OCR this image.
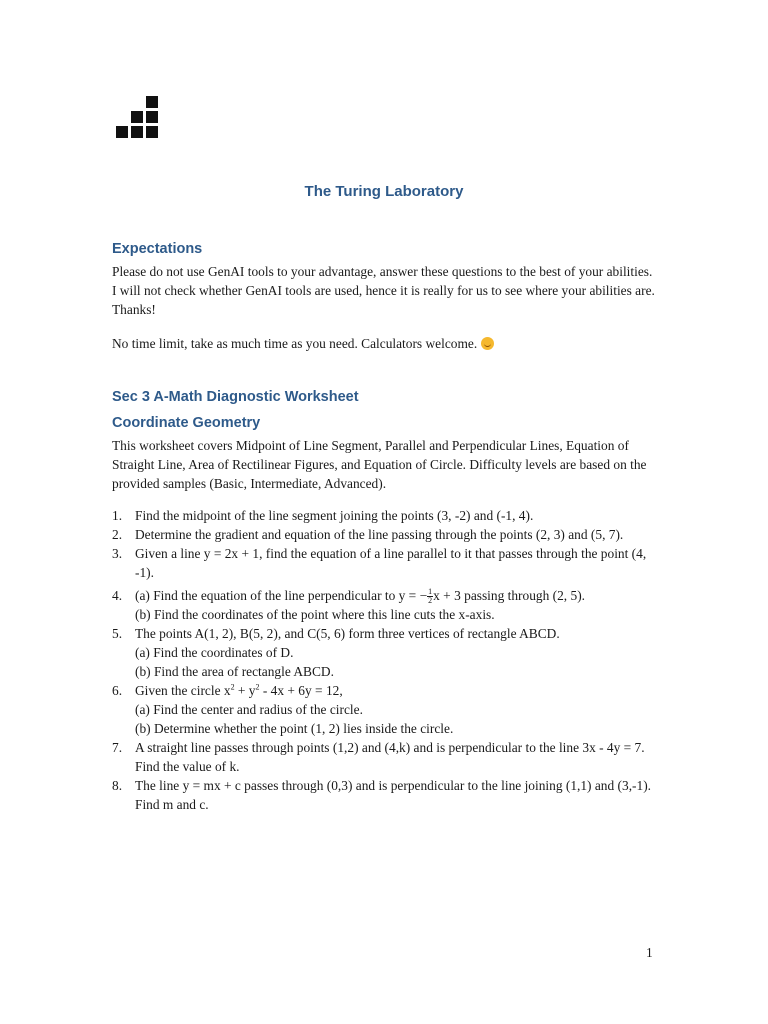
The Turing Laboratory
Expectations

Please do not use GenAI tools to your advantage, answer these questions to the best of your abilities. I will not check whether GenAI tools are used, hence it is really for us to see where your abilities are. Thanks!

No time limit, take as much time as you need. Calculators welcome.
Sec 3 A-Math Diagnostic Worksheet
Coordinate Geometry

This worksheet covers Midpoint of Line Segment, Parallel and Perpendicular Lines, Equation of Straight Line, Area of Rectilinear Figures, and Equation of Circle. Difficulty levels are based on the provided samples (Basic, Intermediate, Advanced).

1. Find the midpoint of the line segment joining the points (3, -2) and (-1, 4).
2. Determine the gradient and equation of the line passing through the points (2, 3) and (5, 7).
3. Given a line y = 2x + 1, find the equation of a line parallel to it that passes through the point (4, -1).
4. (a) Find the equation of the line perpendicular to y = − $\frac{1}{2}$ x + 3 passing through (2, 5).
(b) Find the coordinates of the point where this line cuts the x-axis.
5. The points A(1, 2), B(5, 2), and C(5, 6) form three vertices of rectangle ABCD.
(a) Find the coordinates of D.
(b) Find the area of rectangle ABCD.
6. Given the circle $x^2 + y^2 - 4x + 6y = 12$,
(a) Find the center and radius of the circle.
(b) Determine whether the point (1, 2) lies inside the circle.
7. A straight line passes through points (1,2) and (4,k) and is perpendicular to the line 3x - 4y = 7.
Find the value of k.
8. The line y = mx + c passes through (0,3) and is perpendicular to the line joining (1,1) and (3,-1).
Find m and c.
1
